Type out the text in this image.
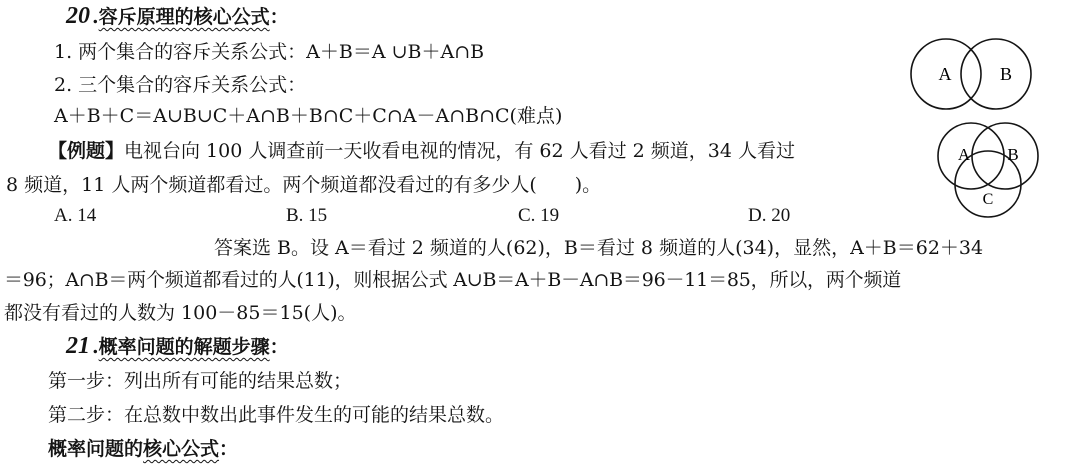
20 .容斥原理的核心公式：
1. 两个集合的容斥关系公式：A＋B＝A ∪B＋A∩B
2. 三个集合的容斥关系公式：
A＋B＋C＝A∪B∪C＋A∩B＋B∩C＋C∩A－A∩B∩C(难点)
【例题】电视台向 100 人调查前一天收看电视的情况，有 62 人看过 2 频道，34 人看过
8 频道，11 人两个频道都看过。两个频道都没看过的有多少人(　　)。
A. 14	B. 15	C. 19	D. 20
答案选 B。设 A＝看过 2 频道的人(62)，B＝看过 8 频道的人(34)，显然，A＋B＝62＋34
＝96；A∩B＝两个频道都看过的人(11)，则根据公式 A∪B＝A＋B－A∩B＝96－11＝85，所以，两个频道
都没有看过的人数为 100－85＝15(人)。
21 .概率问题的解题步骤：
第一步：列出所有可能的结果总数；
第二步：在总数中数出此事件发生的可能的结果总数。
概率问题的核心公式：
A	B
A B
C
